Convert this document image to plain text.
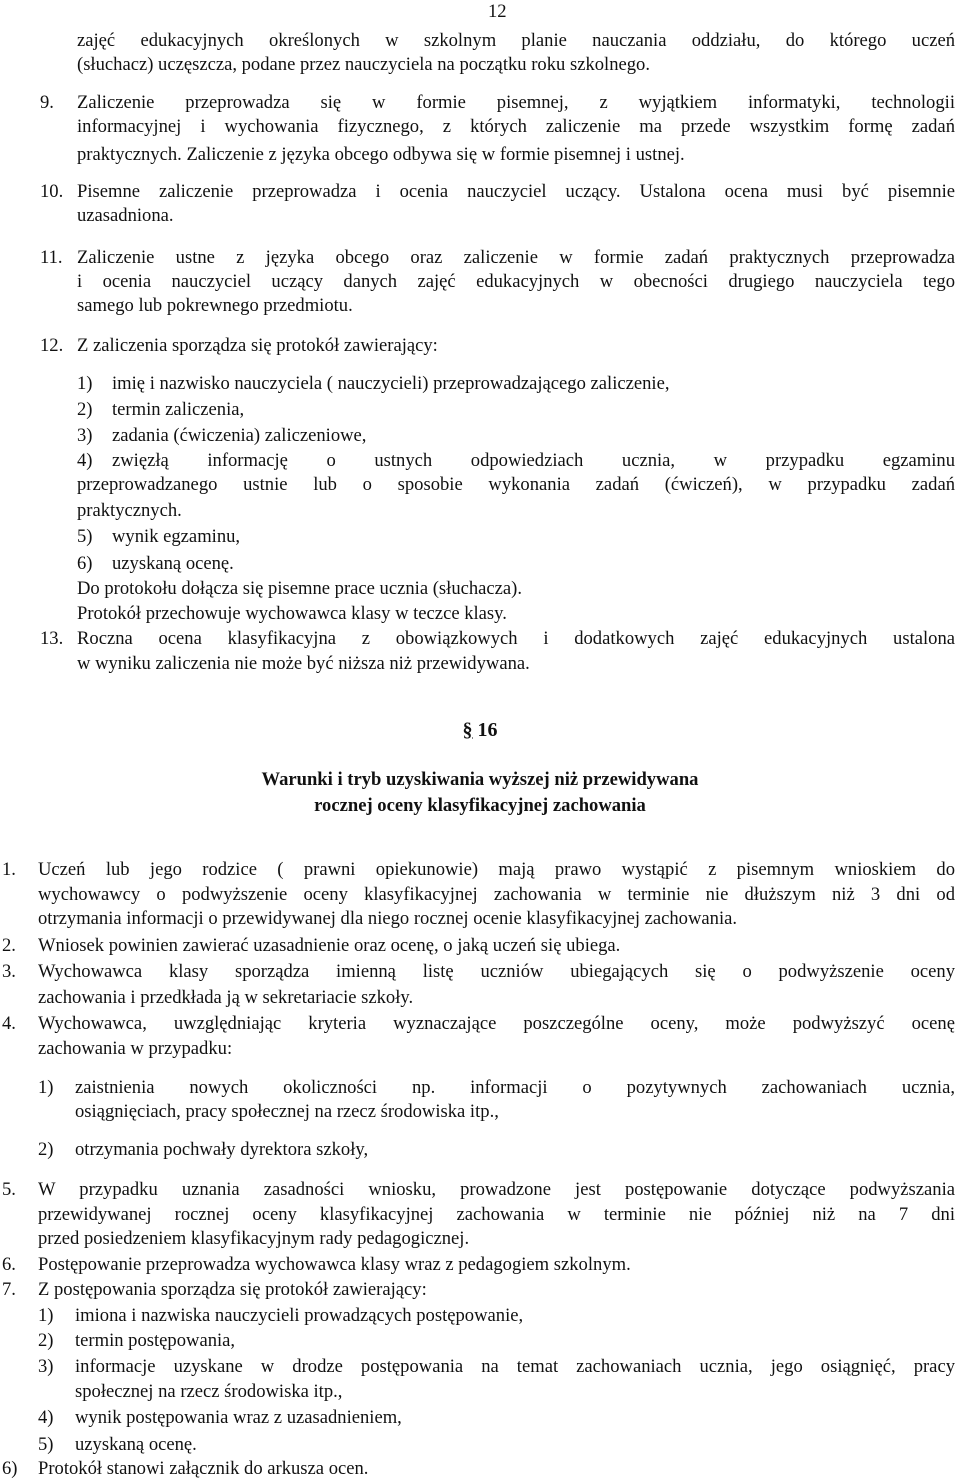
12
zajęć edukacyjnych określonych w szkolnym planie nauczania oddziału, do którego uczeń
(słuchacz) uczęszcza, podane przez nauczyciela na początku roku szkolnego.
9. Zaliczenie przeprowadza się w formie pisemnej, z wyjątkiem informatyki, technologii
informacyjnej i wychowania fizycznego, z których zaliczenie ma przede wszystkim formę zadań
praktycznych. Zaliczenie z języka obcego odbywa się w formie pisemnej i ustnej.
10. Pisemne zaliczenie przeprowadza i ocenia nauczyciel uczący. Ustalona ocena musi być pisemnie
uzasadniona.
11. Zaliczenie ustne z języka obcego oraz zaliczenie w formie zadań praktycznych przeprowadza
i ocenia nauczyciel uczący danych zajęć edukacyjnych w obecności drugiego nauczyciela tego
samego lub pokrewnego przedmiotu.
12. Z zaliczenia sporządza się protokół zawierający:
1) imię i nazwisko nauczyciela ( nauczycieli) przeprowadzającego zaliczenie,
2) termin zaliczenia,
3) zadania (ćwiczenia) zaliczeniowe,
4) zwięzłą informację o ustnych odpowiedziach ucznia, w przypadku egzaminu
przeprowadzanego ustnie lub o sposobie wykonania zadań (ćwiczeń), w przypadku zadań
praktycznych.
5) wynik egzaminu,
6) uzyskaną ocenę.
Do protokołu dołącza się pisemne prace ucznia (słuchacza).
Protokół przechowuje wychowawca klasy w teczce klasy.
13. Roczna ocena klasyfikacyjna z obowiązkowych i dodatkowych zajęć edukacyjnych ustalona
w wyniku zaliczenia nie może być niższa niż przewidywana.
§ 16
Warunki i tryb uzyskiwania wyższej niż przewidywana
rocznej oceny klasyfikacyjnej zachowania
1. Uczeń lub jego rodzice ( prawni opiekunowie) mają prawo wystąpić z pisemnym wnioskiem do
wychowawcy o podwyższenie oceny klasyfikacyjnej zachowania w terminie nie dłuższym niż 3 dni od
otrzymania informacji o przewidywanej dla niego rocznej ocenie klasyfikacyjnej zachowania.
2. Wniosek powinien zawierać uzasadnienie oraz ocenę, o jaką uczeń się ubiega.
3. Wychowawca klasy sporządza imienną listę uczniów ubiegających się o podwyższenie oceny
zachowania i przedkłada ją w sekretariacie szkoły.
4. Wychowawca, uwzględniając kryteria wyznaczające poszczególne oceny, może podwyższyć ocenę
zachowania w przypadku:
1) zaistnienia nowych okoliczności np. informacji o pozytywnych zachowaniach ucznia,
osiągnięciach, pracy społecznej na rzecz środowiska itp.,
2) otrzymania pochwały dyrektora szkoły,
5. W przypadku uznania zasadności wniosku, prowadzone jest postępowanie dotyczące podwyższania
przewidywanej rocznej oceny klasyfikacyjnej zachowania w terminie nie później niż na 7 dni
przed posiedzeniem klasyfikacyjnym rady pedagogicznej.
6. Postępowanie przeprowadza wychowawca klasy wraz z pedagogiem szkolnym.
7. Z postępowania sporządza się protokół zawierający:
1) imiona i nazwiska nauczycieli prowadzących postępowanie,
2) termin postępowania,
3) informacje uzyskane w drodze postępowania na temat zachowaniach ucznia, jego osiągnięć, pracy
społecznej na rzecz środowiska itp.,
4) wynik postępowania wraz z uzasadnieniem,
5) uzyskaną ocenę.
6) Protokół stanowi załącznik do arkusza ocen.
